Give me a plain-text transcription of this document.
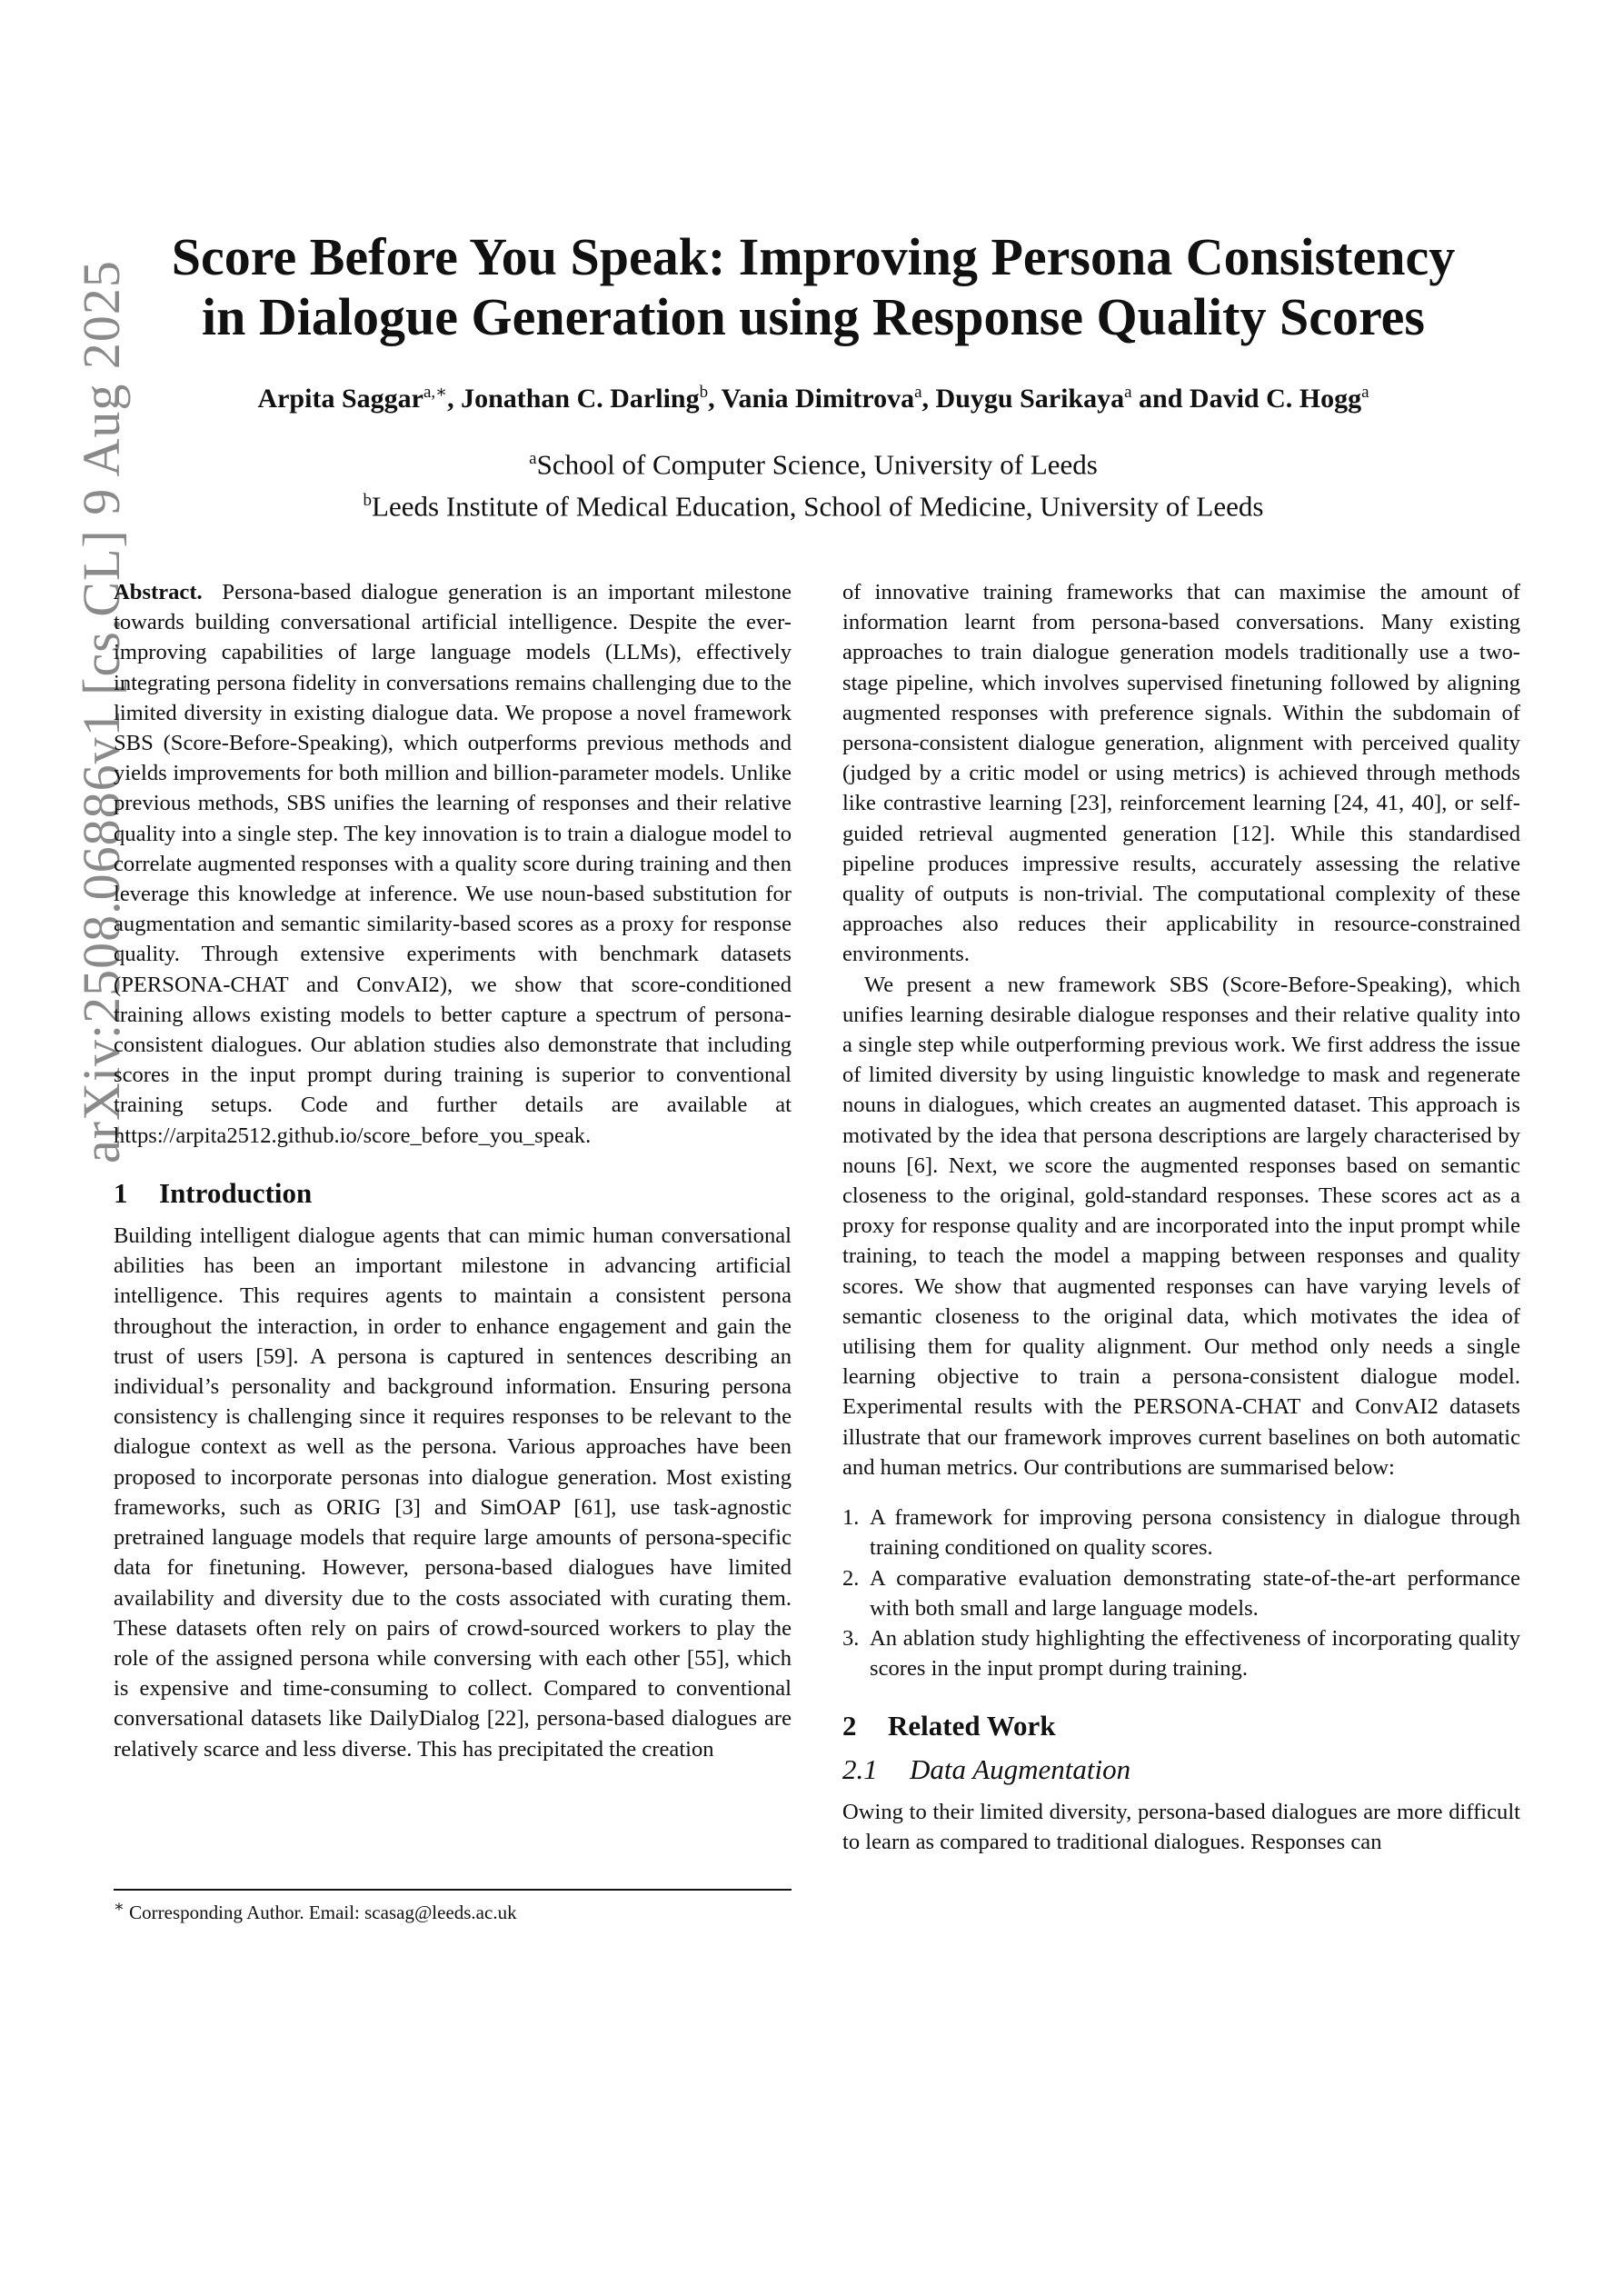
arXiv:2508.06886v1 [cs.CL] 9 Aug 2025
Score Before You Speak: Improving Persona Consistency
in Dialogue Generation using Response Quality Scores
Arpita Saggar$^{a,∗}$, Jonathan C. Darling$^b$, Vania Dimitrova$^a$, Duygu Sarikaya$^a$ and David C. Hogg$^a$
$^a$School of Computer Science, University of Leeds
$^b$Leeds Institute of Medical Education, School of Medicine, University of Leeds

Abstract. Persona-based dialogue generation is an important milestone towards building conversational artificial intelligence. Despite the ever-improving capabilities of large language models (LLMs), effectively integrating persona fidelity in conversations remains challenging due to the limited diversity in existing dialogue data. We propose a novel framework SBS (Score-Before-Speaking), which outperforms previous methods and yields improvements for both million and billion-parameter models. Unlike previous methods, SBS unifies the learning of responses and their relative quality into a single step. The key innovation is to train a dialogue model to correlate augmented responses with a quality score during training and then leverage this knowledge at inference. We use noun-based substitution for augmentation and semantic similarity-based scores as a proxy for response quality. Through extensive experiments with benchmark datasets (PERSONA-CHAT and ConvAI2), we show that score-conditioned training allows existing models to better capture a spectrum of persona-consistent dialogues. Our ablation studies also demonstrate that including scores in the input prompt during training is superior to conventional training setups. Code and further details are available at https://arpita2512.github.io/score_before_you_speak.

1 Introduction

Building intelligent dialogue agents that can mimic human conversational abilities has been an important milestone in advancing artificial intelligence. This requires agents to maintain a consistent persona throughout the interaction, in order to enhance engagement and gain the trust of users [59]. A persona is captured in sentences describing an individual’s personality and background information. Ensuring persona consistency is challenging since it requires responses to be relevant to the dialogue context as well as the persona. Various approaches have been proposed to incorporate personas into dialogue generation. Most existing frameworks, such as ORIG [3] and SimOAP [61], use task-agnostic pretrained language models that require large amounts of persona-specific data for finetuning. However, persona-based dialogues have limited availability and diversity due to the costs associated with curating them. These datasets often rely on pairs of crowd-sourced workers to play the role of the assigned persona while conversing with each other [55], which is expensive and time-consuming to collect. Compared to conventional conversational datasets like DailyDialog [22], persona-based dialogues are relatively scarce and less diverse. This has precipitated the creation

of innovative training frameworks that can maximise the amount of information learnt from persona-based conversations. Many existing approaches to train dialogue generation models traditionally use a two-stage pipeline, which involves supervised finetuning followed by aligning augmented responses with preference signals. Within the subdomain of persona-consistent dialogue generation, alignment with perceived quality (judged by a critic model or using metrics) is achieved through methods like contrastive learning [23], reinforcement learning [24, 41, 40], or self-guided retrieval augmented generation [12]. While this standardised pipeline produces impressive results, accurately assessing the relative quality of outputs is non-trivial. The computational complexity of these approaches also reduces their applicability in resource-constrained environments.

We present a new framework SBS (Score-Before-Speaking), which unifies learning desirable dialogue responses and their relative quality into a single step while outperforming previous work. We first address the issue of limited diversity by using linguistic knowledge to mask and regenerate nouns in dialogues, which creates an augmented dataset. This approach is motivated by the idea that persona descriptions are largely characterised by nouns [6]. Next, we score the augmented responses based on semantic closeness to the original, gold-standard responses. These scores act as a proxy for response quality and are incorporated into the input prompt while training, to teach the model a mapping between responses and quality scores. We show that augmented responses can have varying levels of semantic closeness to the original data, which motivates the idea of utilising them for quality alignment. Our method only needs a single learning objective to train a persona-consistent dialogue model. Experimental results with the PERSONA-CHAT and ConvAI2 datasets illustrate that our framework improves current baselines on both automatic and human metrics. Our contributions are summarised below:

1. A framework for improving persona consistency in dialogue through training conditioned on quality scores.
2. A comparative evaluation demonstrating state-of-the-art performance with both small and large language models.
3. An ablation study highlighting the effectiveness of incorporating quality scores in the input prompt during training.
2 Related Work
2.1 Data Augmentation

Owing to their limited diversity, persona-based dialogues are more difficult to learn as compared to traditional dialogues. Responses can

∗ Corresponding Author. Email: scasag@leeds.ac.uk
